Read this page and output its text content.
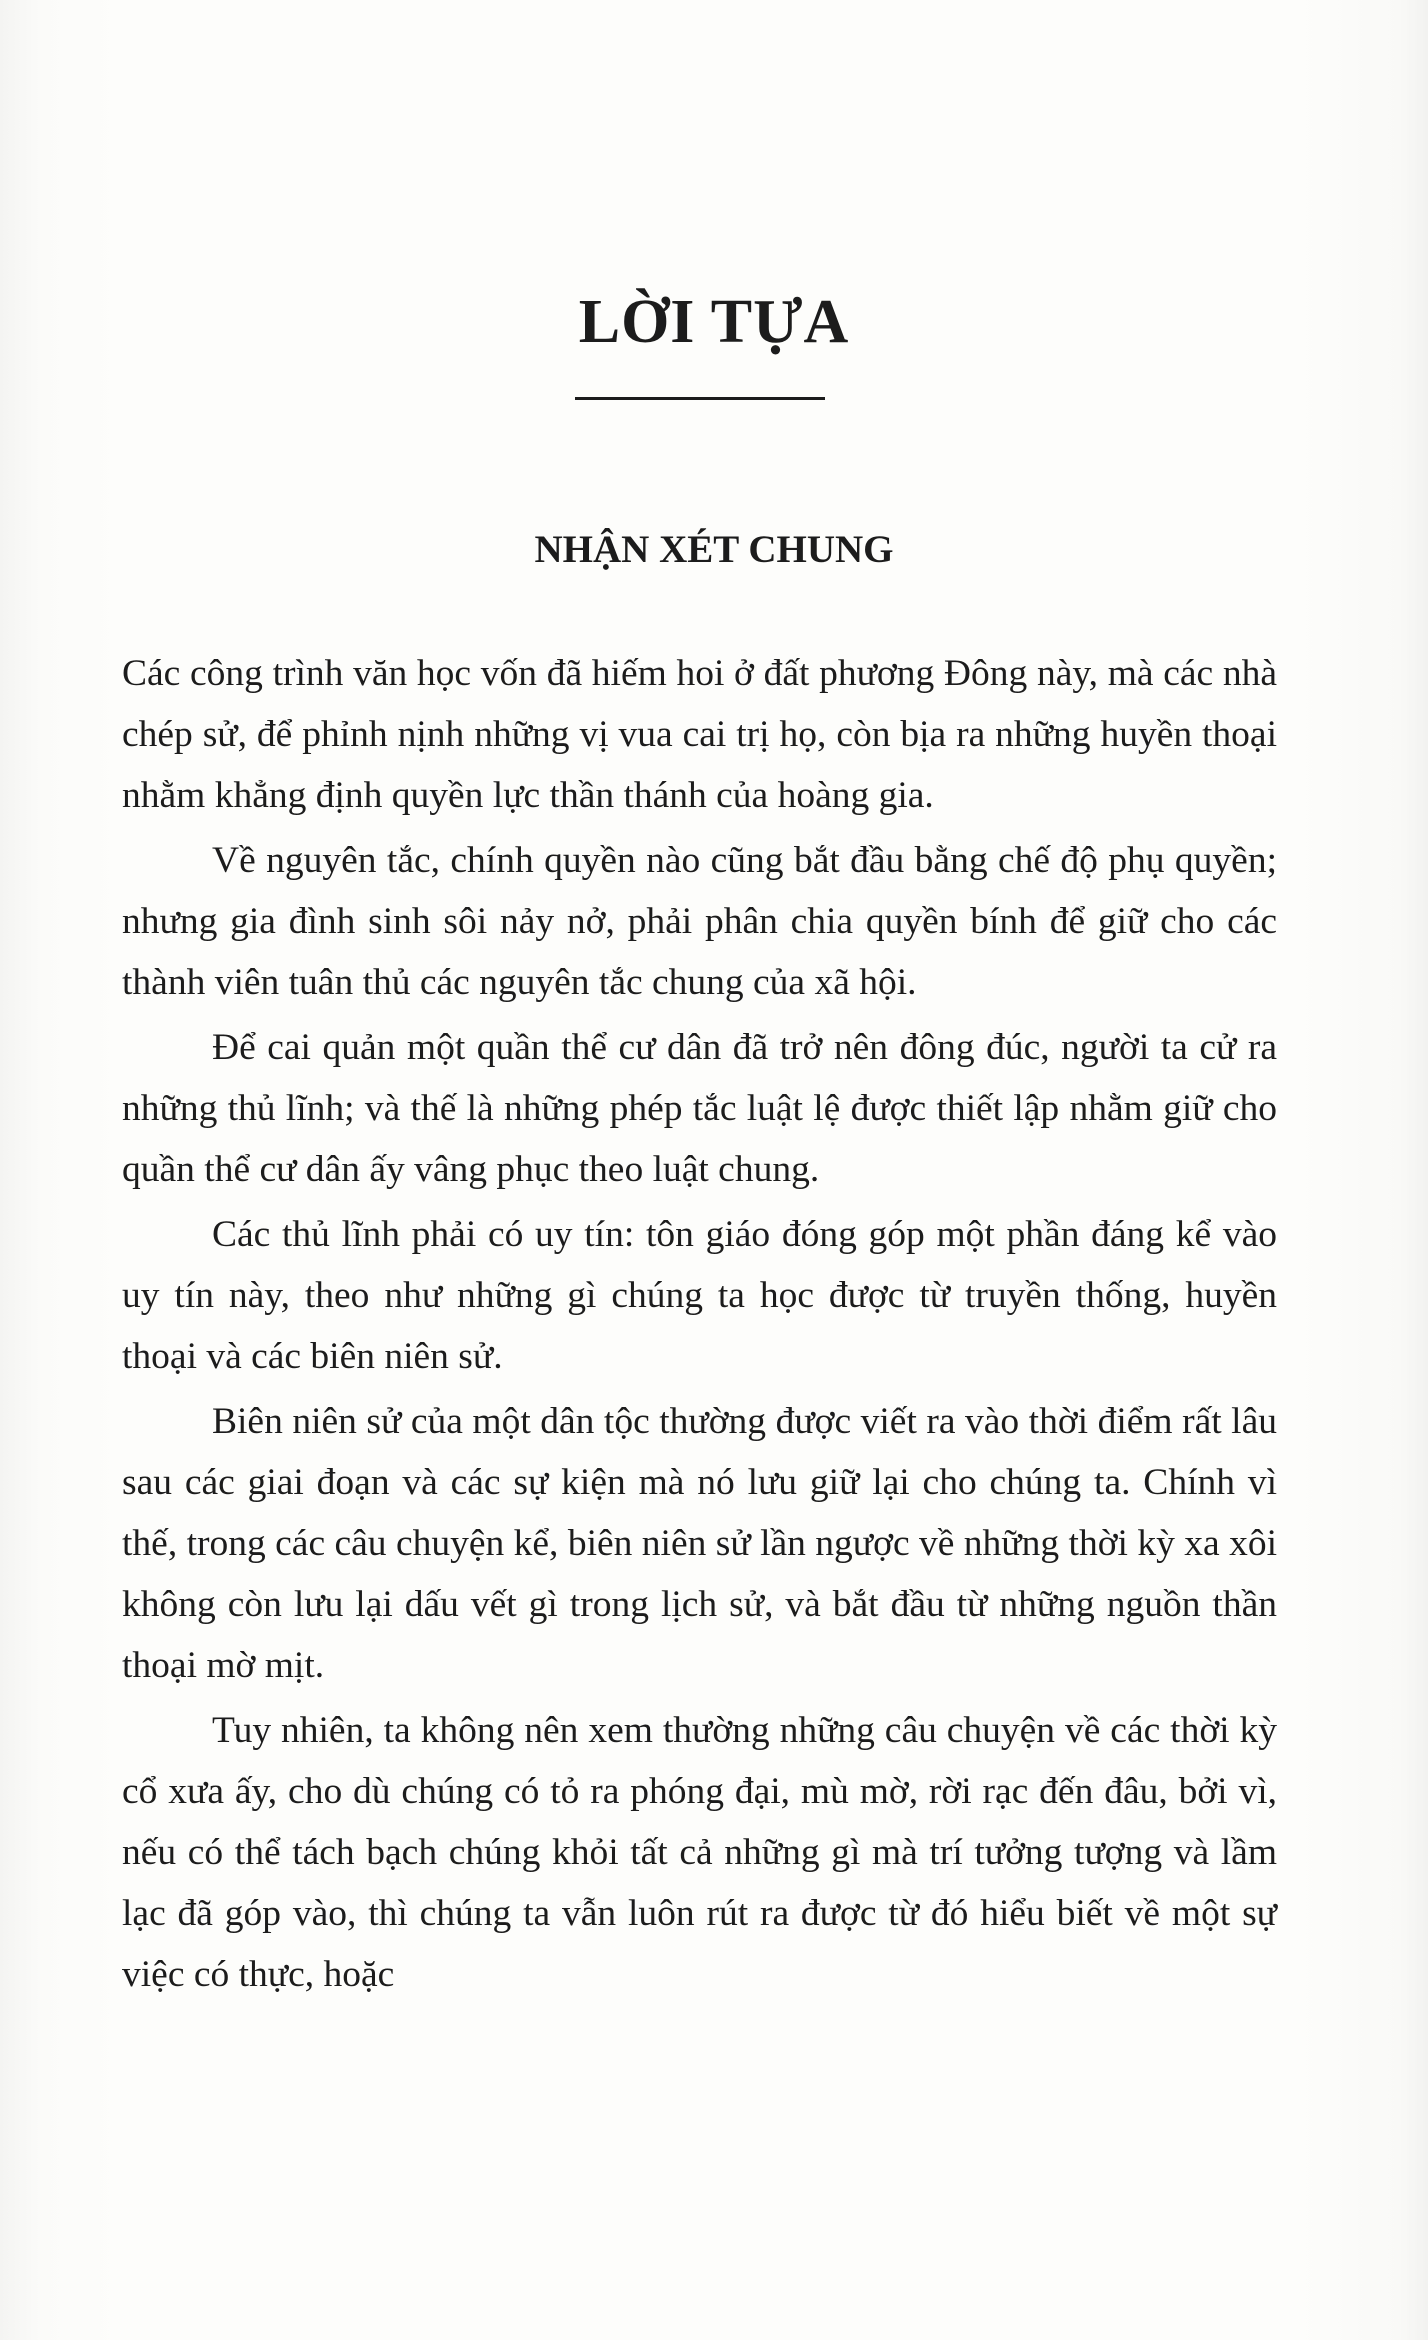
LỜI TỰA
NHẬN XÉT CHUNG

Các công trình văn học vốn đã hiếm hoi ở đất phương Đông này, mà các nhà chép sử, để phỉnh nịnh những vị vua cai trị họ, còn bịa ra những huyền thoại nhằm khẳng định quyền lực thần thánh của hoàng gia.

Về nguyên tắc, chính quyền nào cũng bắt đầu bằng chế độ phụ quyền; nhưng gia đình sinh sôi nảy nở, phải phân chia quyền bính để giữ cho các thành viên tuân thủ các nguyên tắc chung của xã hội.

Để cai quản một quần thể cư dân đã trở nên đông đúc, người ta cử ra những thủ lĩnh; và thế là những phép tắc luật lệ được thiết lập nhằm giữ cho quần thể cư dân ấy vâng phục theo luật chung.

Các thủ lĩnh phải có uy tín: tôn giáo đóng góp một phần đáng kể vào uy tín này, theo như những gì chúng ta học được từ truyền thống, huyền thoại và các biên niên sử.

Biên niên sử của một dân tộc thường được viết ra vào thời điểm rất lâu sau các giai đoạn và các sự kiện mà nó lưu giữ lại cho chúng ta. Chính vì thế, trong các câu chuyện kể, biên niên sử lần ngược về những thời kỳ xa xôi không còn lưu lại dấu vết gì trong lịch sử, và bắt đầu từ những nguồn thần thoại mờ mịt.

Tuy nhiên, ta không nên xem thường những câu chuyện về các thời kỳ cổ xưa ấy, cho dù chúng có tỏ ra phóng đại, mù mờ, rời rạc đến đâu, bởi vì, nếu có thể tách bạch chúng khỏi tất cả những gì mà trí tưởng tượng và lầm lạc đã góp vào, thì chúng ta vẫn luôn rút ra được từ đó hiểu biết về một sự việc có thực, hoặc
